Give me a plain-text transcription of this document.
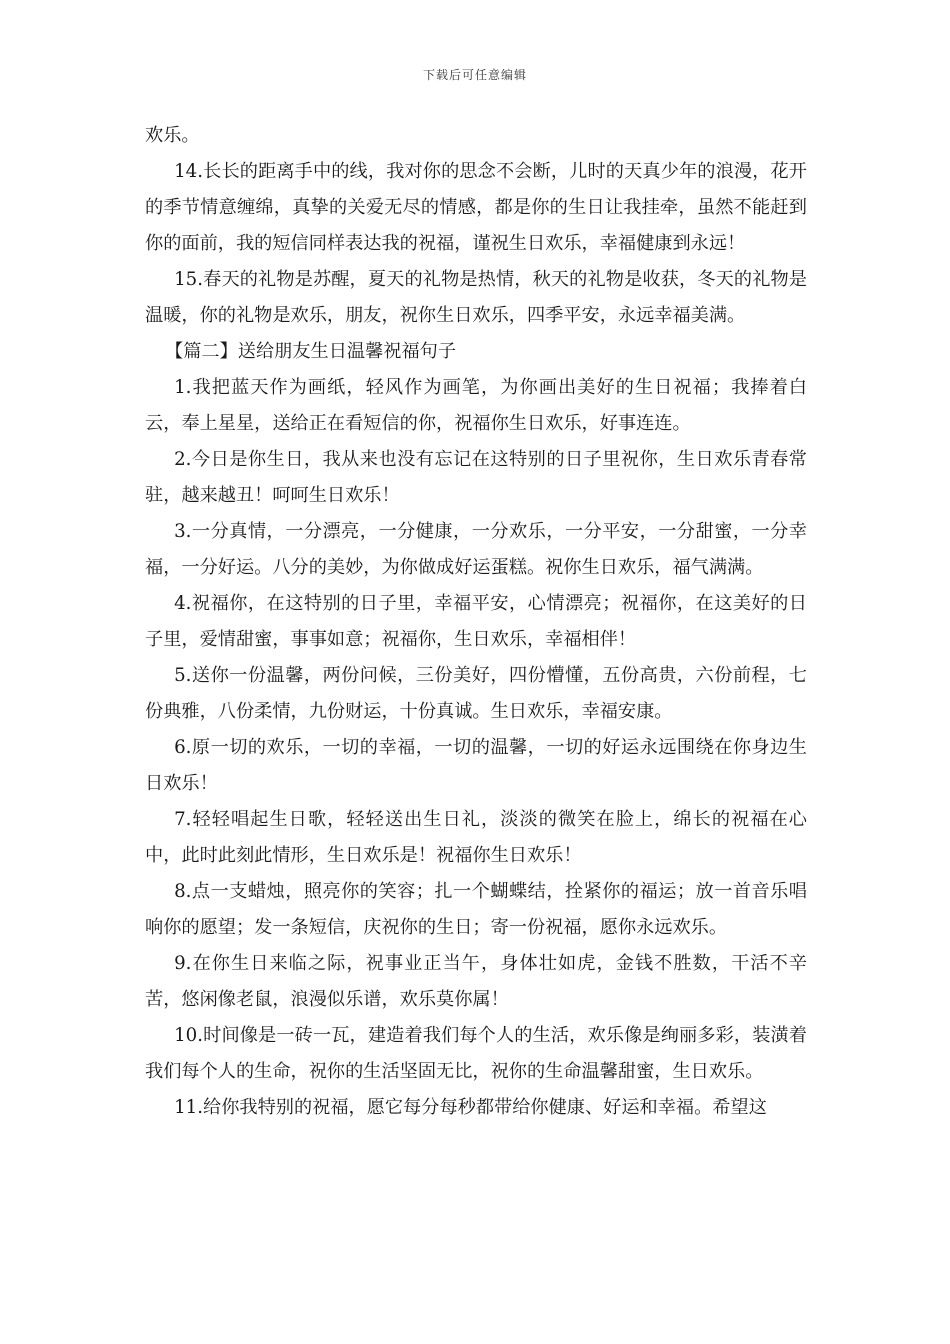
下载后可任意编辑

欢乐。

14.长长的距离手中的线，我对你的思念不会断，儿时的天真少年的浪漫，花开的季节情意缠绵，真挚的关爱无尽的情感，都是你的生日让我挂牵，虽然不能赶到你的面前，我的短信同样表达我的祝福，谨祝生日欢乐，幸福健康到永远！

15.春天的礼物是苏醒，夏天的礼物是热情，秋天的礼物是收获，冬天的礼物是温暖，你的礼物是欢乐，朋友，祝你生日欢乐，四季平安，永远幸福美满。

【篇二】送给朋友生日温馨祝福句子

1.我把蓝天作为画纸，轻风作为画笔，为你画出美好的生日祝福；我捧着白云，奉上星星，送给正在看短信的你，祝福你生日欢乐，好事连连。

2.今日是你生日，我从来也没有忘记在这特别的日子里祝你，生日欢乐青春常驻，越来越丑！呵呵生日欢乐！

3.一分真情，一分漂亮，一分健康，一分欢乐，一分平安，一分甜蜜，一分幸福，一分好运。八分的美妙，为你做成好运蛋糕。祝你生日欢乐，福气满满。

4.祝福你，在这特别的日子里，幸福平安，心情漂亮；祝福你，在这美好的日子里，爱情甜蜜，事事如意；祝福你，生日欢乐，幸福相伴！

5.送你一份温馨，两份问候，三份美好，四份懵懂，五份高贵，六份前程，七份典雅，八份柔情，九份财运，十份真诚。生日欢乐，幸福安康。

6.原一切的欢乐，一切的幸福，一切的温馨，一切的好运永远围绕在你身边生日欢乐！

7.轻轻唱起生日歌，轻轻送出生日礼，淡淡的微笑在脸上，绵长的祝福在心中，此时此刻此情形，生日欢乐是！祝福你生日欢乐！

8.点一支蜡烛，照亮你的笑容；扎一个蝴蝶结，拴紧你的福运；放一首音乐唱响你的愿望；发一条短信，庆祝你的生日；寄一份祝福，愿你永远欢乐。

9.在你生日来临之际，祝事业正当午，身体壮如虎，金钱不胜数，干活不辛苦，悠闲像老鼠，浪漫似乐谱，欢乐莫你属！

10.时间像是一砖一瓦，建造着我们每个人的生活，欢乐像是绚丽多彩，装潢着我们每个人的生命，祝你的生活坚固无比，祝你的生命温馨甜蜜，生日欢乐。

11.给你我特别的祝福，愿它每分每秒都带给你健康、好运和幸福。希望这
